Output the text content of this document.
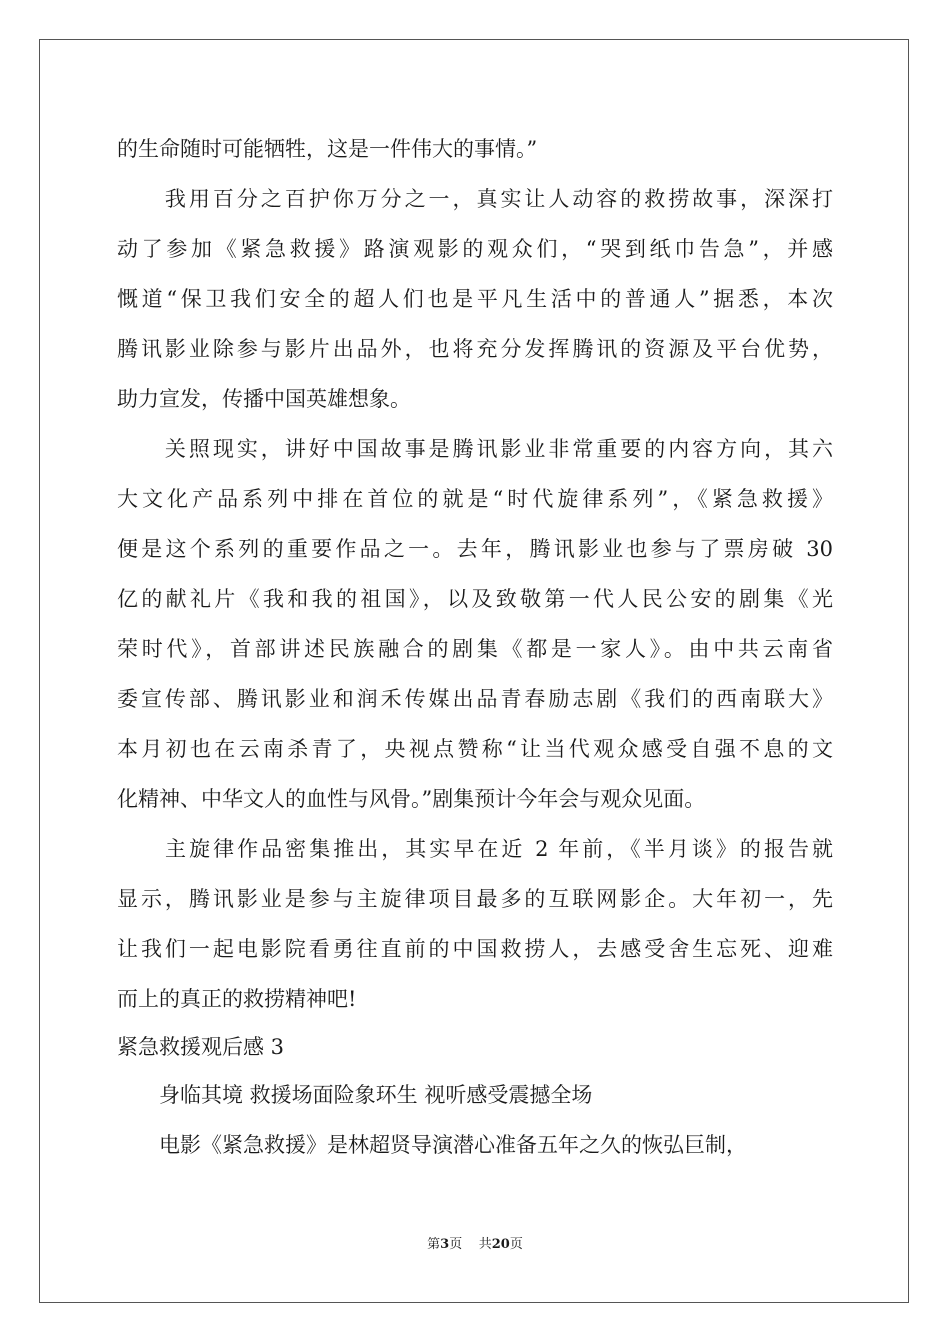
的生命随时可能牺牲，这是一件伟大的事情。”
　　我用百分之百护你万分之一，真实让人动容的救捞故事，深深打
动了参加《紧急救援》路演观影的观众们，“哭到纸巾告急”，并感
慨道“保卫我们安全的超人们也是平凡生活中的普通人”据悉，本次
腾讯影业除参与影片出品外，也将充分发挥腾讯的资源及平台优势，
助力宣发，传播中国英雄想象。
　　关照现实，讲好中国故事是腾讯影业非常重要的内容方向，其六
大文化产品系列中排在首位的就是“时代旋律系列”，《紧急救援》
便是这个系列的重要作品之一。去年，腾讯影业也参与了票房破 30
亿的献礼片《我和我的祖国》，以及致敬第一代人民公安的剧集《光
荣时代》，首部讲述民族融合的剧集《都是一家人》。由中共云南省
委宣传部、腾讯影业和润禾传媒出品青春励志剧《我们的西南联大》
本月初也在云南杀青了，央视点赞称“让当代观众感受自强不息的文
化精神、中华文人的血性与风骨。”剧集预计今年会与观众见面。
　　主旋律作品密集推出，其实早在近 2 年前，《半月谈》的报告就
显示，腾讯影业是参与主旋律项目最多的互联网影企。大年初一，先
让我们一起电影院看勇往直前的中国救捞人，去感受舍生忘死、迎难
而上的真正的救捞精神吧!
紧急救援观后感 3
　　身临其境 救援场面险象环生 视听感受震撼全场
　　电影《紧急救援》是林超贤导演潜心准备五年之久的恢弘巨制，
第3页 共20页
